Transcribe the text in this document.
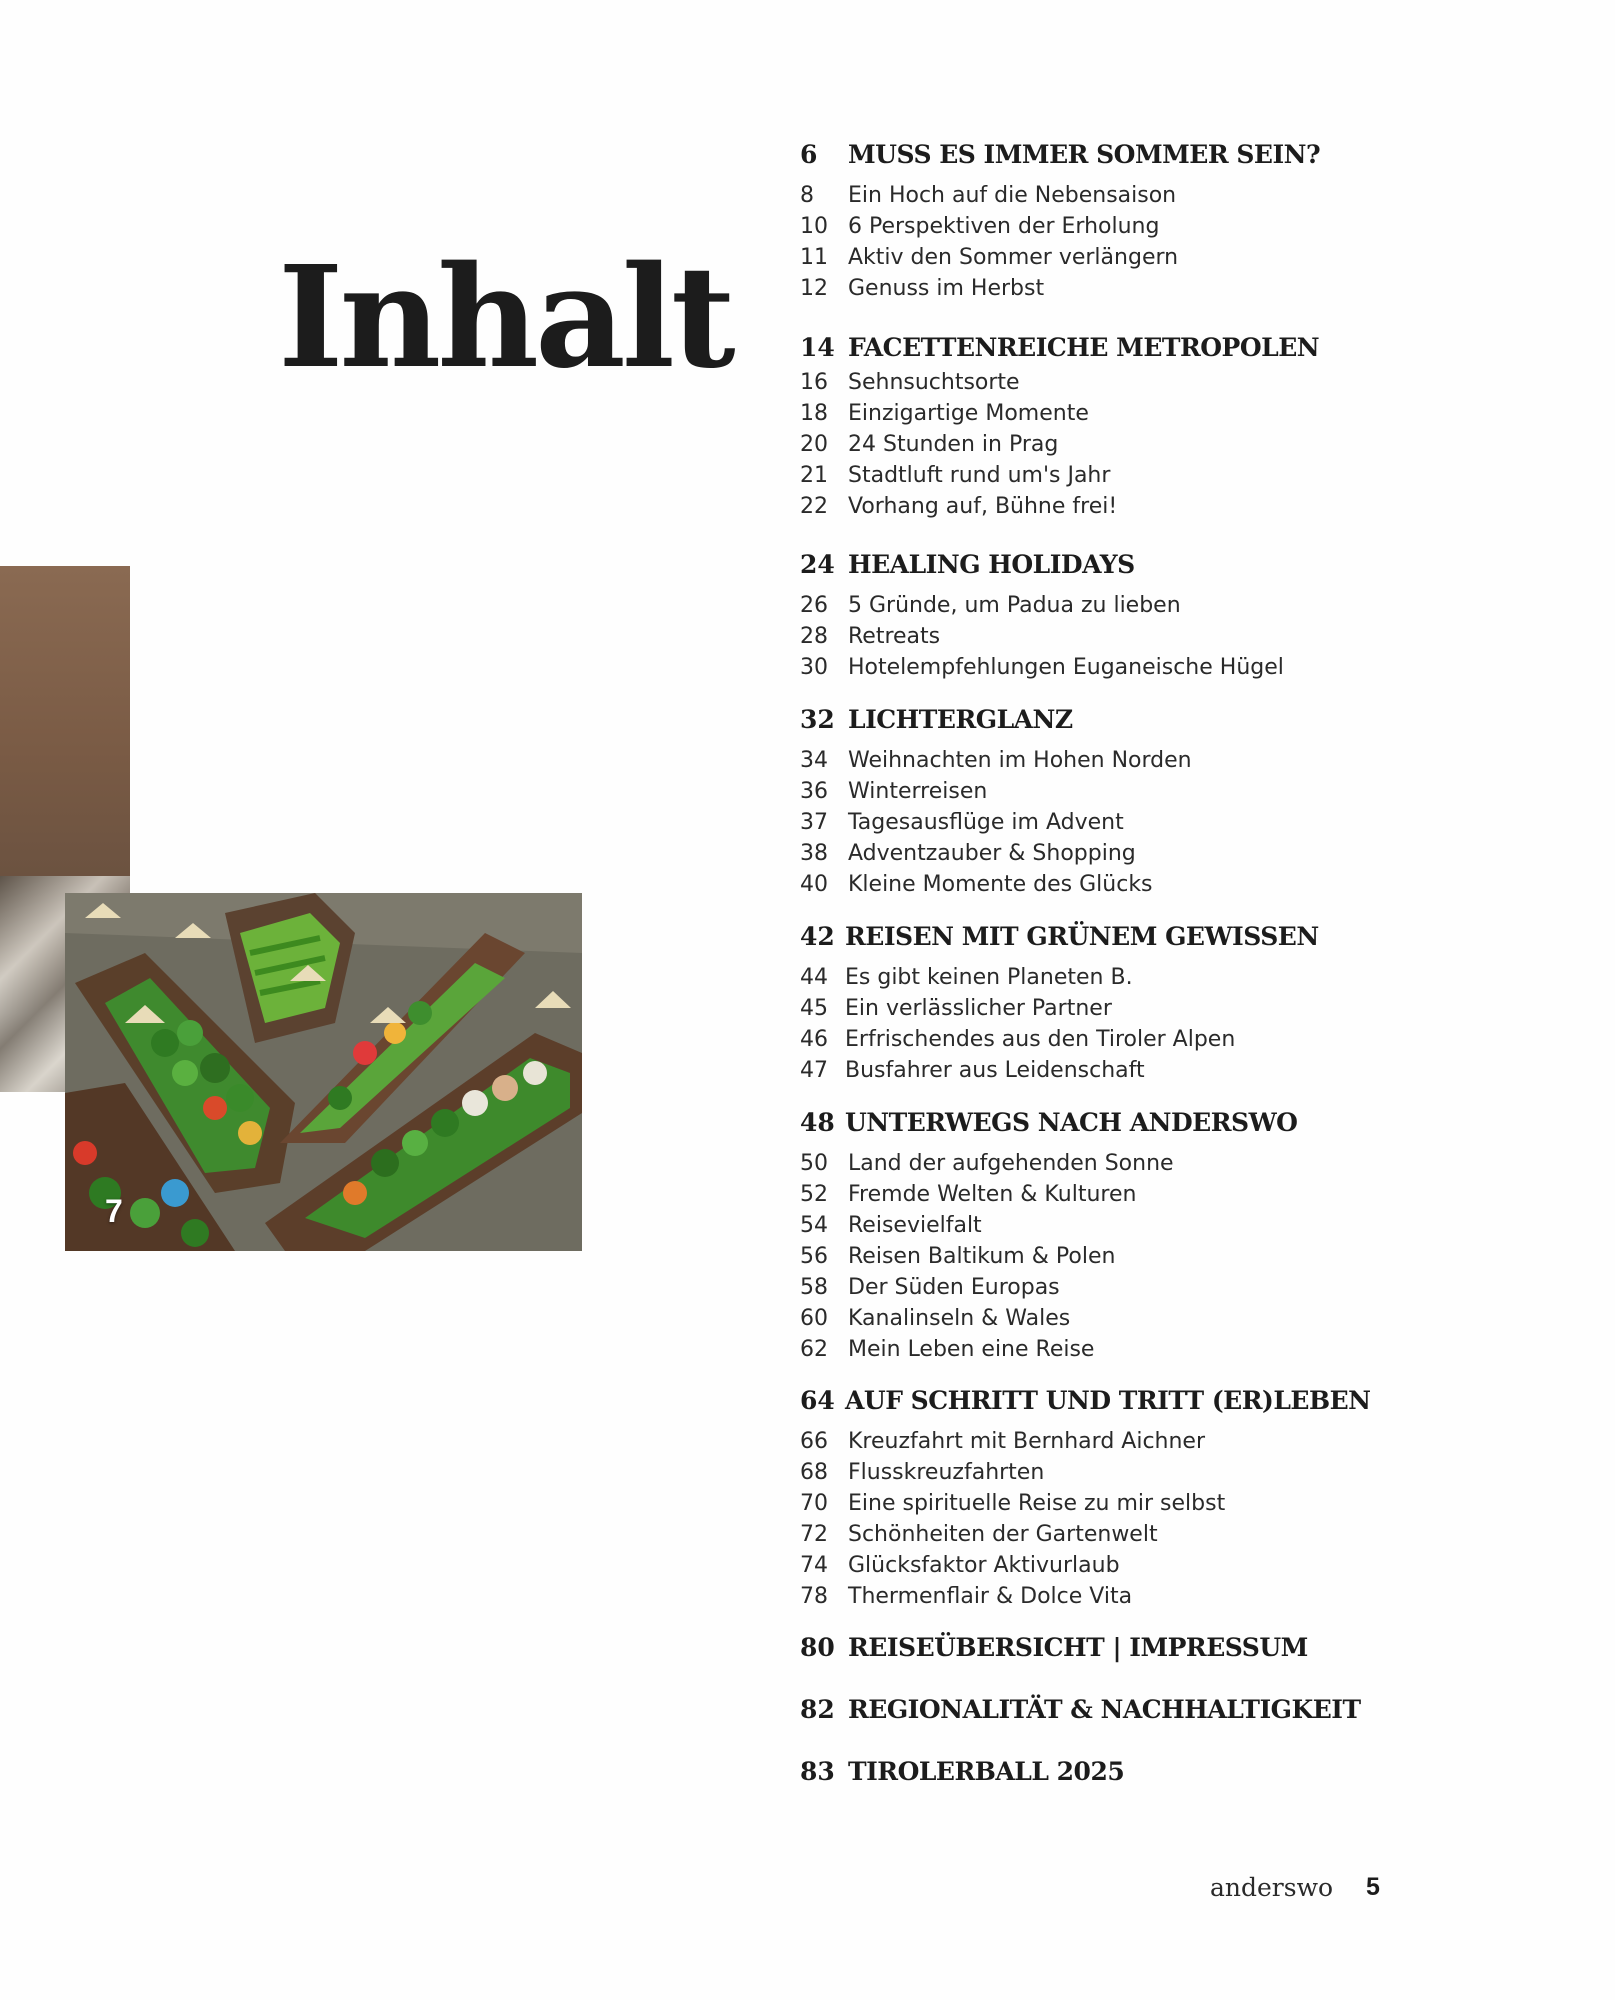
Inhalt
7
6	MUSS ES IMMER SOMMER SEIN?
8	Ein Hoch auf die Nebensaison
10 6 Perspektiven der Erholung
11 Aktiv den Sommer verlängern
12 Genuss im Herbst
14 FACETTENREICHE METROPOLEN
16 Sehnsuchtsorte
18 Einzigartige Momente
20 24 Stunden in Prag
21 Stadtluft rund um's Jahr
22 Vorhang auf, Bühne frei!
24 HEALING HOLIDAYS
26 5 Gründe, um Padua zu lieben
28 Retreats
30 Hotelempfehlungen Euganeische Hügel
32 LICHTERGLANZ
34 Weihnachten im Hohen Norden
36 Winterreisen
37 Tagesausflüge im Advent
38 Adventzauber & Shopping
40 Kleine Momente des Glücks
42 REISEN MIT GRÜNEM GEWISSEN
44 Es gibt keinen Planeten B.
45 Ein verlässlicher Partner
46 Erfrischendes aus den Tiroler Alpen
47 Busfahrer aus Leidenschaft
48 UNTERWEGS NACH ANDERSWO
50 Land der aufgehenden Sonne
52 Fremde Welten & Kulturen
54 Reisevielfalt
56 Reisen Baltikum & Polen
58 Der Süden Europas
60 Kanalinseln & Wales
62 Mein Leben eine Reise
64 AUF SCHRITT UND TRITT (ER)LEBEN
66 Kreuzfahrt mit Bernhard Aichner
68 Flusskreuzfahrten
70 Eine spirituelle Reise zu mir selbst
72 Schönheiten der Gartenwelt
74 Glücksfaktor Aktivurlaub
78 Thermenflair & Dolce Vita
80 REISEÜBERSICHT | IMPRESSUM
82 REGIONALITÄT & NACHHALTIGKEIT
83 TIROLERBALL 2025
anderswo 5
